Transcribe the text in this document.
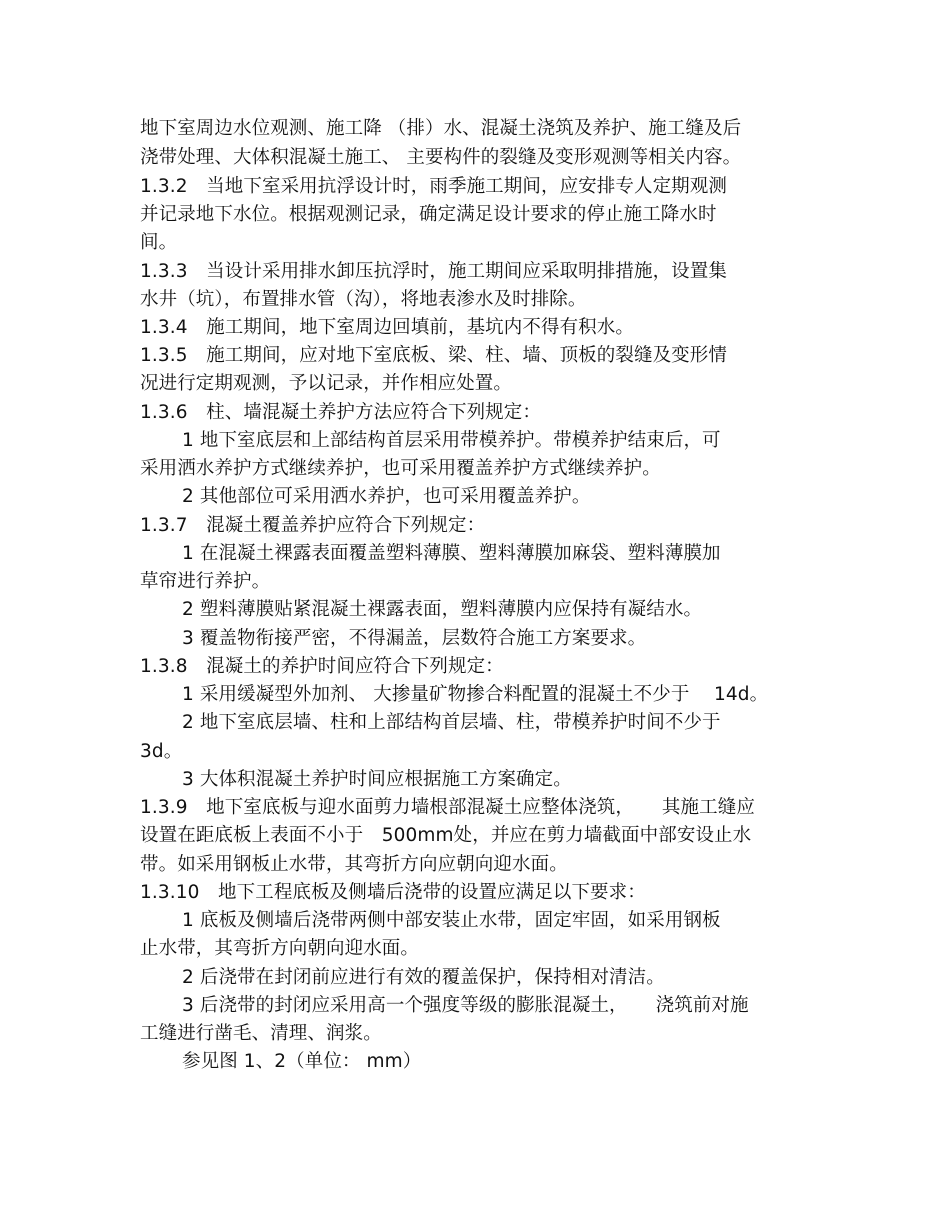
地下室周边水位观测、施工降 （排）水、混凝土浇筑及养护、施工缝及后
浇带处理、大体积混凝土施工、 主要构件的裂缝及变形观测等相关内容。
1.3.2　当地下室采用抗浮设计时，雨季施工期间，应安排专人定期观测
并记录地下水位。根据观测记录，确定满足设计要求的停止施工降水时
间。
1.3.3　当设计采用排水卸压抗浮时，施工期间应采取明排措施，设置集
水井（坑），布置排水管（沟），将地表渗水及时排除。
1.3.4　施工期间，地下室周边回填前，基坑内不得有积水。
1.3.5　施工期间，应对地下室底板、梁、柱、墙、顶板的裂缝及变形情
况进行定期观测，予以记录，并作相应处置。
1.3.6　柱、墙混凝土养护方法应符合下列规定：
1 地下室底层和上部结构首层采用带模养护。带模养护结束后，可
采用洒水养护方式继续养护，也可采用覆盖养护方式继续养护。
2 其他部位可采用洒水养护，也可采用覆盖养护。
1.3.7　混凝土覆盖养护应符合下列规定：
1 在混凝土裸露表面覆盖塑料薄膜、塑料薄膜加麻袋、塑料薄膜加
草帘进行养护。
2 塑料薄膜贴紧混凝土裸露表面，塑料薄膜内应保持有凝结水。
3 覆盖物衔接严密，不得漏盖，层数符合施工方案要求。
1.3.8　混凝土的养护时间应符合下列规定：
1 采用缓凝型外加剂、 大掺量矿物掺合料配置的混凝土不少于　 14d。
2 地下室底层墙、柱和上部结构首层墙、柱，带模养护时间不少于
3d。
3 大体积混凝土养护时间应根据施工方案确定。
1.3.9　地下室底板与迎水面剪力墙根部混凝土应整体浇筑，　　其施工缝应
设置在距底板上表面不小于　500mm处，并应在剪力墙截面中部安设止水
带。如采用钢板止水带，其弯折方向应朝向迎水面。
1.3.10　地下工程底板及侧墙后浇带的设置应满足以下要求：
1 底板及侧墙后浇带两侧中部安装止水带，固定牢固，如采用钢板
止水带，其弯折方向朝向迎水面。
2 后浇带在封闭前应进行有效的覆盖保护，保持相对清洁。
3 后浇带的封闭应采用高一个强度等级的膨胀混凝土，　　浇筑前对施
工缝进行凿毛、清理、润浆。
参见图 1、2（单位： mm）
